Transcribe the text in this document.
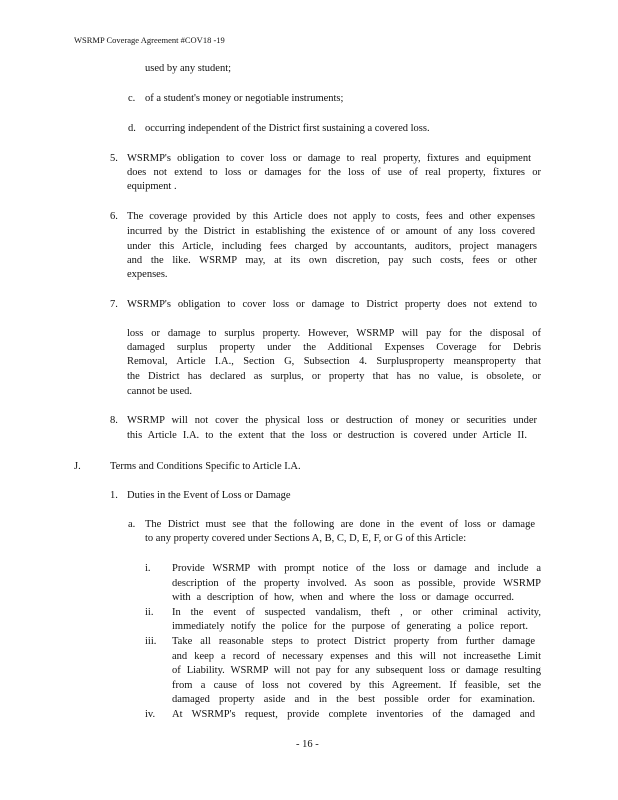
WSRMP Coverage Agreement #COV18 -19
used by any student;
c. of a student's money or negotiable instruments;
d. occurring independent of the District first sustaining a covered loss.
5. WSRMP's obligation to cover loss or damage to real property, fixtures and equipment
does not extend to loss or damages for the loss of use of real property, fixtures or
equipment .
6. The coverage provided by this Article does not apply to costs, fees and other expenses
incurred by the District in establishing the existence of or amount of any loss covered
under this Article, including fees charged by accountants, auditors, project managers
and the like. WSRMP may, at its own discretion, pay such costs, fees or other
expenses.
7. WSRMP's obligation to cover loss or damage to District property does not extend to
loss or damage to surplus property. However, WSRMP will pay for the disposal of
damaged surplus property under the Additional Expenses Coverage for Debris
Removal, Article I.A., Section G, Subsection 4. Surplusproperty meansproperty that
the District has declared as surplus, or property that has no value, is obsolete, or
cannot be used.
8. WSRMP will not cover the physical loss or destruction of money or securities under
this Article I.A. to the extent that the loss or destruction is covered under Article II.
J.	Terms and Conditions Specific to Article I.A.
1. Duties in the Event of Loss or Damage
a. The District must see that the following are done in the event of loss or damage
to any property covered under Sections A, B, C, D, E, F, or G of this Article:
i. Provide WSRMP with prompt notice of the loss or damage and include a
description of the property involved. As soon as possible, provide WSRMP
with a description of how, when and where the loss or damage occurred.
ii. In the event of suspected vandalism, theft , or other criminal activity,
immediately notify the police for the purpose of generating a police report.
iii. Take all reasonable steps to protect District property from further damage
and keep a record of necessary expenses and this will not increasethe Limit
of Liability. WSRMP will not pay for any subsequent loss or damage resulting
from a cause of loss not covered by this Agreement. If feasible, set the
damaged property aside and in the best possible order for examination.
iv. At WSRMP's request, provide complete inventories of the damaged and
- 16 -
